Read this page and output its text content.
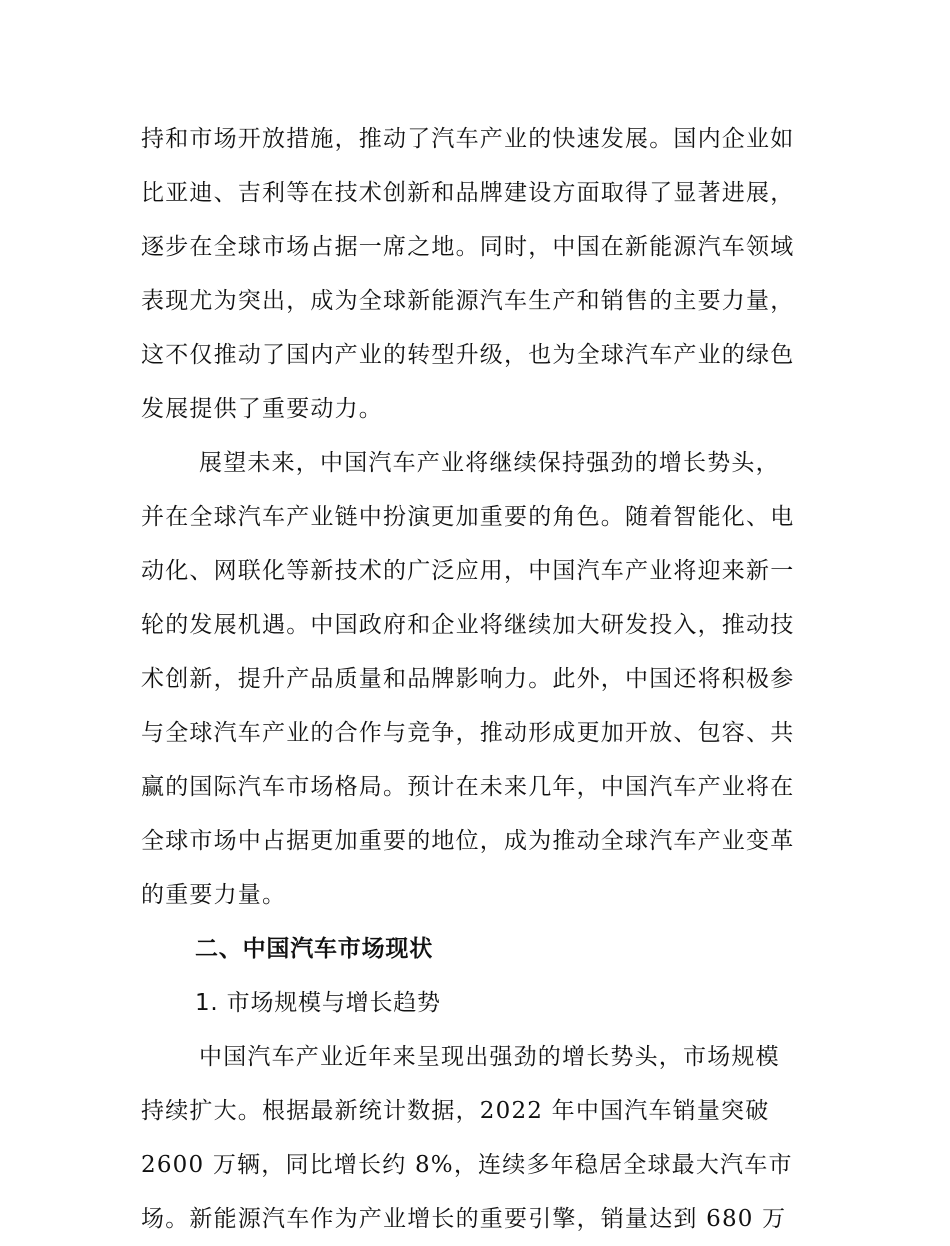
持和市场开放措施，推动了汽车产业的快速发展。国内企业如
比亚迪、吉利等在技术创新和品牌建设方面取得了显著进展，
逐步在全球市场占据一席之地。同时，中国在新能源汽车领域
表现尤为突出，成为全球新能源汽车生产和销售的主要力量，
这不仅推动了国内产业的转型升级，也为全球汽车产业的绿色
发展提供了重要动力。
展望未来，中国汽车产业将继续保持强劲的增长势头，
并在全球汽车产业链中扮演更加重要的角色。随着智能化、电
动化、网联化等新技术的广泛应用，中国汽车产业将迎来新一
轮的发展机遇。中国政府和企业将继续加大研发投入，推动技
术创新，提升产品质量和品牌影响力。此外，中国还将积极参
与全球汽车产业的合作与竞争，推动形成更加开放、包容、共
赢的国际汽车市场格局。预计在未来几年，中国汽车产业将在
全球市场中占据更加重要的地位，成为推动全球汽车产业变革
的重要力量。
二、中国汽车市场现状
1. 市场规模与增长趋势
中国汽车产业近年来呈现出强劲的增长势头，市场规模
持续扩大。根据最新统计数据，2022 年中国汽车销量突破
2600 万辆，同比增长约 8%，连续多年稳居全球最大汽车市
场。新能源汽车作为产业增长的重要引擎，销量达到 680 万
